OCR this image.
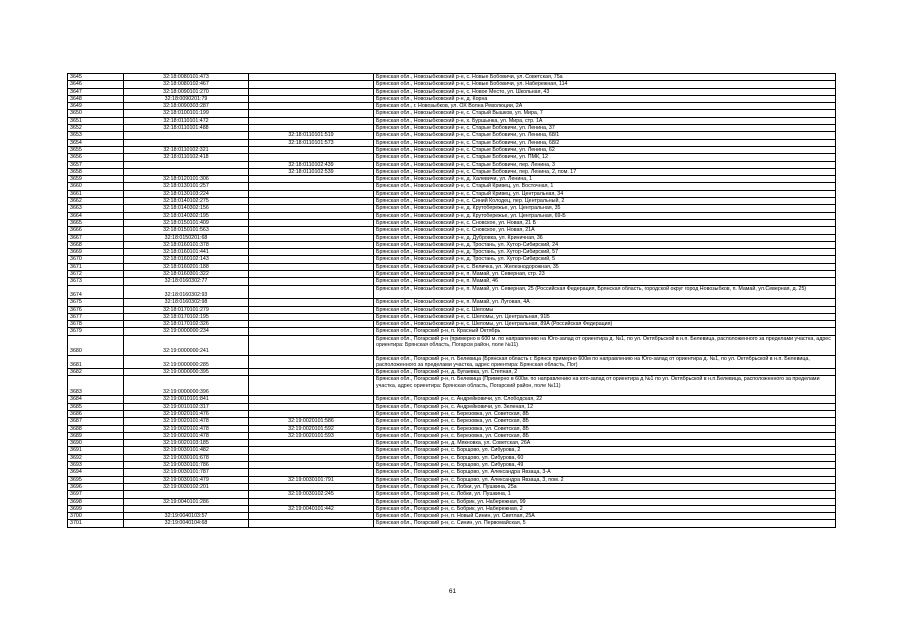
3645	32:18:0080101:473		Брянская обл., Новозыбковский р-н, с. Новые Бобовичи, ул. Советская, 75а
3646	32:18:0080102:467		Брянская обл., Новозыбковский р-н, с. Новые Бобовичи, ул. Набережная, 114
3647	32:18:0090101:270		Брянская обл., Новозыбковский р-н, с. Новое Место, ул. Школьная, 43
3648	32:18:0090201:79		Брянская обл., Новозыбковский р-н, д. Корна
3649	32:18:0090303:287		Брянская обл., г. Новозыбков, ул. ОХ Волна Революции, 2А
3650	32:18:0100101:199		Брянская обл., Новозыбковский р-н, с. Старый Вышков, ул. Мира, 7
3651	32:18:0110101:472		Брянская обл., Новозыбковский р-н, х. Буршынка, ул. Мира, стр. 1А
3652	32:18:0110101:488		Брянская обл., Новозыбковский р-н, с. Старые Бобовичи, ул. Ленина, 37
3653		32:18:0110101:519	Брянская обл., Новозыбковский р-н, с. Старые Бобовичи, ул. Ленина, 68/1
3654		32:18:0110101:573	Брянская обл., Новозыбковский р-н, с. Старые Бобовичи, ул. Ленина, 68/2
3655	32:18:0110102:321		Брянская обл., Новозыбковский р-н, с. Старые Бобовичи, ул. Ленина, 62
3656	32:18:0110102:418		Брянская обл., Новозыбковский р-н, с. Старые Бобовичи, ул. ПМК, 12
3657		32:18:0110102:439	Брянская обл., Новозыбковский р-н, с. Старые Бобовичи, пер. Ленина, 3
3658		32:18:0110102:539	Брянская обл., Новозыбковский р-н, с. Старые Бобовичи, пер. Ленина, 2, пом. 17
3659	32:18:0120101:306		Брянская обл., Новозыбковский р-н, д. Халевичи, ул. Ленина, 1
3660	32:18:0130101:257		Брянская обл., Новозыбковский р-н, с. Старый Кривец, ул. Восточная, 1
3661	32:18:0130103:224		Брянская обл., Новозыбковский р-н, с. Старый Кривец, ул. Центральная, 34
3662	32:18:0140102:275		Брянская обл., Новозыбковский р-н, с. Синий Колодец, пер. Центральный, 2
3663	32:18:0140302:156		Брянская обл., Новозыбковский р-н, д. Крутобережье, ул. Центральная, 35
3664	32:18:0140302:195		Брянская обл., Новозыбковский р-н, д. Крутобережье, ул. Центральная, 69-Б
3665	32:18:0150101:409		Брянская обл., Новозыбковский р-н, с. Сновское, ул. Новая, 21 Б
3666	32:18:0150101:563		Брянская обл., Новозыбковский р-н, с. Сновское, ул. Новая, 21А
3667	32:18:0150201:68		Брянская обл., Новозыбковский р-н, д. Дубровка, ул. Криничная, 36
3668	32:18:0160101:378		Брянская обл., Новозыбковский р-н, д. Тростань, ул. Хутор-Сибирский, 24
3669	32:18:0160101:441		Брянская обл., Новозыбковский р-н, д. Тростань, ул. Хутор-Сибирский, 57
3670	32:18:0160102:143		Брянская обл., Новозыбковский р-н, д. Тростань, ул. Хутор-Сибирский, 5
3671	32:18:0160201:188		Брянская обл., Новозыбковский р-н, с. Величка, ул. Железнодорожная, 35
3672	32:18:0160301:322		Брянская обл., Новозыбковский р-н, п. Мамай, ул. Северная, стр. 23
3673	32:18:0160302:77		Брянская обл., Новозыбковский р-н, п. Мамай, 46
3674	32:18:0160302:93		Брянская обл., Новозыбковский р-н, п. Мамай, ул. Северная, 25 (Российская Федерация, Брянская область, городской округ город Новозыбков, п. Мамай, ул.Северная, д. 25)
3675	32:18:0160302:98		Брянская обл., Новозыбковский р-н, п. Мамай, ул. Луговая, 4А
3676	32:18:0170101:279		Брянская обл., Новозыбковский р-н, с. Шеломы
3677	32:18:0170102:195		Брянская обл., Новозыбковский р-н, с. Шеломы, ул. Центральная, 91Б
3678	32:18:0170102:326		Брянская обл., Новозыбковский р-н, с. Шеломы, ул. Центральная, 89А (Российская Федерация)
3679	32:19:0000000:234		Брянская обл., Погарский р-н, п. Красный Октябрь
3680	32:19:0000000:241		Брянская обл., Погарский р-н (примерно в 600 м. по направлению на Юго-запад от ориентира д. №1, по ул. Октябрьской в н.п. Белевица, расположенного за пределами участка, адрес ориентира: Брянская область, Погарсм район, поле №11)
3681	32:19:0000000:285		Брянская обл., Погарский р-н, п. Белевица (Брянская область г. Брянск примерно 600м по направлению на Юго-запад от ориентира д. №1, по ул. Октябрьской в н.п. Белевица, расположенного за пределами участка, адрес ориентира: Брянская область, Пог)
3682	32:19:0000000:395		Брянская обл., Погарский р-н, д. Бугаевка, ул. Степная, 2
3683	32:19:0000000:396		Брянская обл., Погарский р-н, п. Белевица (Примерно в 600м. по направлению на юго-запад от ориентира д №1 по ул. Октябрьской в н.п.Белевица, расположенного за пределами участка, адрес ориентира: Брянская область, Погарский район, поле №11)
3684	32:19:0010101:841		Брянская обл., Погарский р-н, с. Андрейковичи, ул. Слободская, 22
3685	32:19:0010102:317		Брянская обл., Погарский р-н, с. Андрейковичи, ул. Зеленая, 12
3686	32:19:0020101:476		Брянская обл., Погарский р-н, с. Березовка, ул. Советская, 8Б
3687	32:19:0020101:478	32:19:0020101:586	Брянская обл., Погарский р-н, с. Березовка, ул. Советская, 8Б
3688	32:19:0020101:478	32:19:0020101:592	Брянская обл., Погарский р-н, с. Березовка, ул. Советская, 8Б
3689	32:19:0020101:478	32:19:0020101:593	Брянская обл., Погарский р-н, с. Березовка, ул. Советская, 8Б
3690	32:19:0020103:185		Брянская обл., Погарский р-н, д. Мякновка, ул. Советская, 26А
3691	32:19:0030101:482		Брянская обл., Погарский р-н, с. Борщово, ул. Сибурова, 2
3692	32:19:0030101:678		Брянская обл., Погарский р-н, с. Борщово, ул. Сибурова, 60
3693	32:19:0030101:786		Брянская обл., Погарский р-н, с. Борщово, ул. Сибурова, 49
3694	32:19:0030101:787		Брянская обл., Погарский р-н, с. Борщово, ул. Александра Явзаца, 3-А
3695	32:19:0030101:479	32:19:0030101:791	Брянская обл., Погарский р-н, с. Борщово, ул. Александра Явзаца, 3, пом. 2
3696	32:19:0030102:201		Брянская обл., Погарский р-н, с. Лобки, ул. Пушкина, 25а
3697		32:19:0030102:245	Брянская обл., Погарский р-н, с. Лобки, ул. Пушкина, 1
3698	32:19:0040101:286		Брянская обл., Погарский р-н, с. Бобрик, ул. Набережная, 99
3699		32:19:0040101:442	Брянская обл., Погарский р-н, с. Бобрик, ул. Набережная, 2
3700	32:19:0040103:57		Брянская обл., Погарский р-н, п. Новый Синин, ул. Светлая, 25А
3701	32:19:0040104:68		Брянская обл., Погарский р-н, с. Синин, ул. Первомайская, 5
61
